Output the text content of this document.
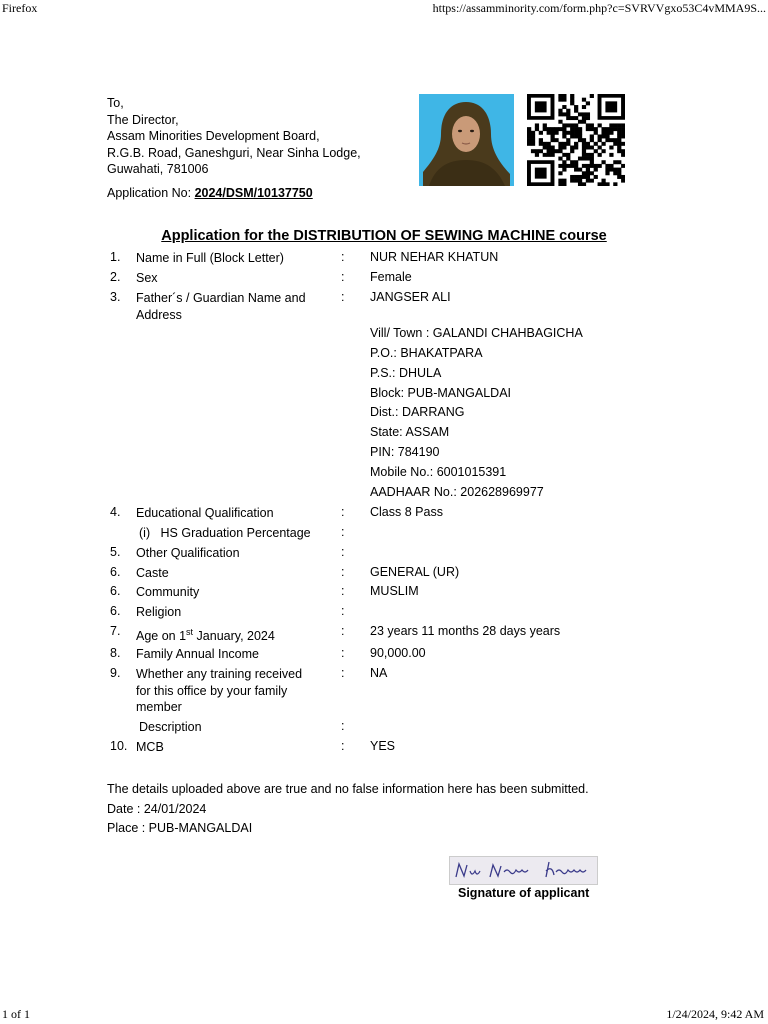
Firefox	https://assamminority.com/form.php?c=SVRVVgxo53C4vMMA9S...
To,
The Director,
Assam Minorities Development Board,
R.G.B. Road, Ganeshguri, Near Sinha Lodge,
Guwahati, 781006
Application No: 2024/DSM/10137750
Application for the DISTRIBUTION OF SEWING MACHINE course
1. Name in Full (Block Letter)	: NUR NEHAR KHATUN
2. Sex	: Female
3. Father´s / Guardian Name and Address
: JANGSER ALI
Vill/ Town : GALANDI CHAHBAGICHA
P.O.: BHAKATPARA
P.S.: DHULA
Block: PUB-MANGALDAI
Dist.: DARRANG
State: ASSAM
PIN: 784190
Mobile No.: 6001015391
AADHAAR No.: 202628969977
4. Educational Qualification	: Class 8 Pass
(i)   HS Graduation Percentage	:
5. Other Qualification	:
6. Caste	: GENERAL (UR)
6. Community	: MUSLIM
6. Religion	:
7. Age on 1st January, 2024	: 23 years 11 months 28 days years
8. Family Annual Income	: 90,000.00
9. Whether any training received for this office by your family member
: NA
Description	:
10. MCB	: YES
The details uploaded above are true and no false information here has been submitted.
Date : 24/01/2024
Place : PUB-MANGALDAI
Signature of applicant
1 of 1	1/24/2024, 9:42 AM
